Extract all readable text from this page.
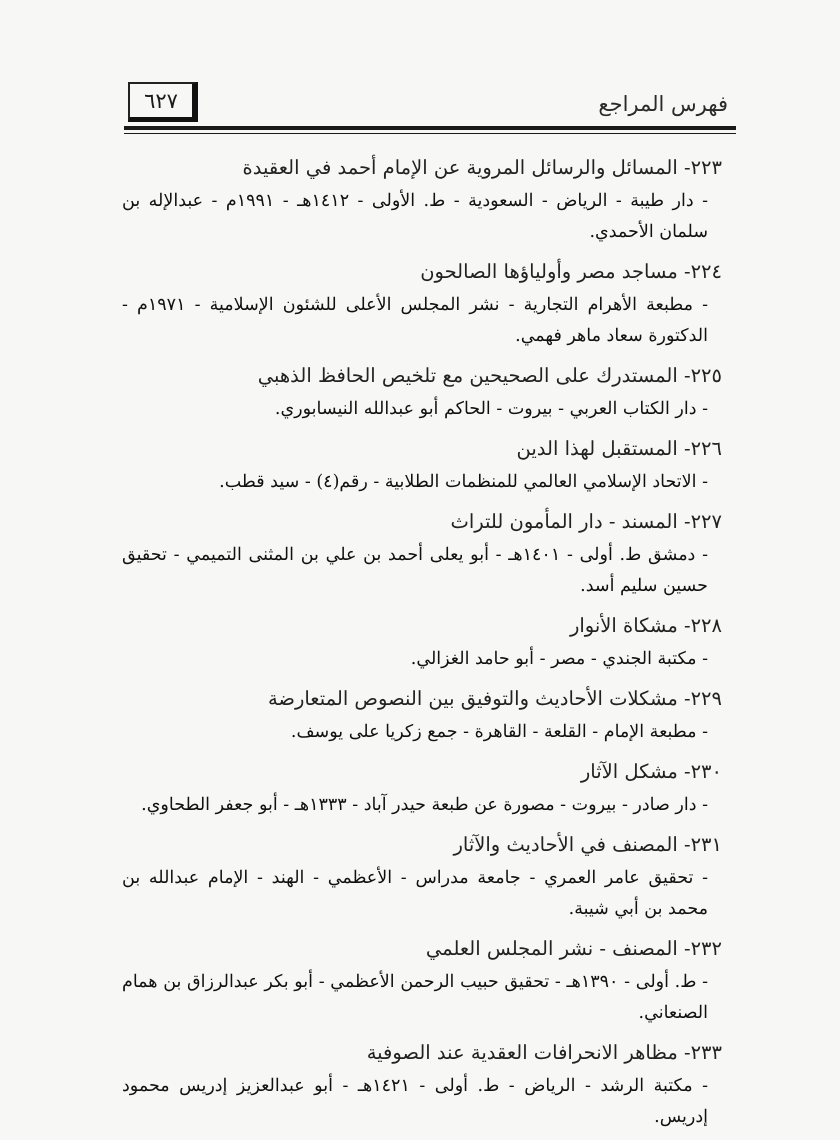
فهرس المراجع
٦٢٧
٢٢٣- المسائل والرسائل المروية عن الإمام أحمد في العقيدة
- دار طيبة - الرياض - السعودية - ط. الأولى - ١٤١٢هـ - ١٩٩١م - عبدالإله بن سلمان الأحمدي.
٢٢٤- مساجد مصر وأولياؤها الصالحون
- مطبعة الأهرام التجارية - نشر المجلس الأعلى للشئون الإسلامية - ١٩٧١م - الدكتورة سعاد ماهر فهمي.
٢٢٥- المستدرك على الصحيحين مع تلخيص الحافظ الذهبي
- دار الكتاب العربي - بيروت - الحاكم أبو عبدالله النيسابوري.
٢٢٦- المستقبل لهذا الدين
- الاتحاد الإسلامي العالمي للمنظمات الطلابية - رقم(٤) - سيد قطب.
٢٢٧- المسند - دار المأمون للتراث
- دمشق ط. أولى - ١٤٠١هـ - أبو يعلى أحمد بن علي بن المثنى التميمي - تحقيق حسين سليم أسد.
٢٢٨- مشكاة الأنوار
- مكتبة الجندي - مصر - أبو حامد الغزالي.
٢٢٩- مشكلات الأحاديث والتوفيق بين النصوص المتعارضة
- مطبعة الإمام - القلعة - القاهرة - جمع زكريا على يوسف.
٢٣٠- مشكل الآثار
- دار صادر - بيروت - مصورة عن طبعة حيدر آباد - ١٣٣٣هـ - أبو جعفر الطحاوي.
٢٣١- المصنف في الأحاديث والآثار
- تحقيق عامر العمري - جامعة مدراس - الأعظمي - الهند - الإمام عبدالله بن محمد بن أبي شيبة.
٢٣٢- المصنف - نشر المجلس العلمي
- ط. أولى - ١٣٩٠هـ - تحقيق حبيب الرحمن الأعظمي - أبو بكر عبدالرزاق بن همام الصنعاني.
٢٣٣- مظاهر الانحرافات العقدية عند الصوفية
- مكتبة الرشد - الرياض - ط. أولى - ١٤٢١هـ - أبو عبدالعزيز إدريس محمود إدريس.
